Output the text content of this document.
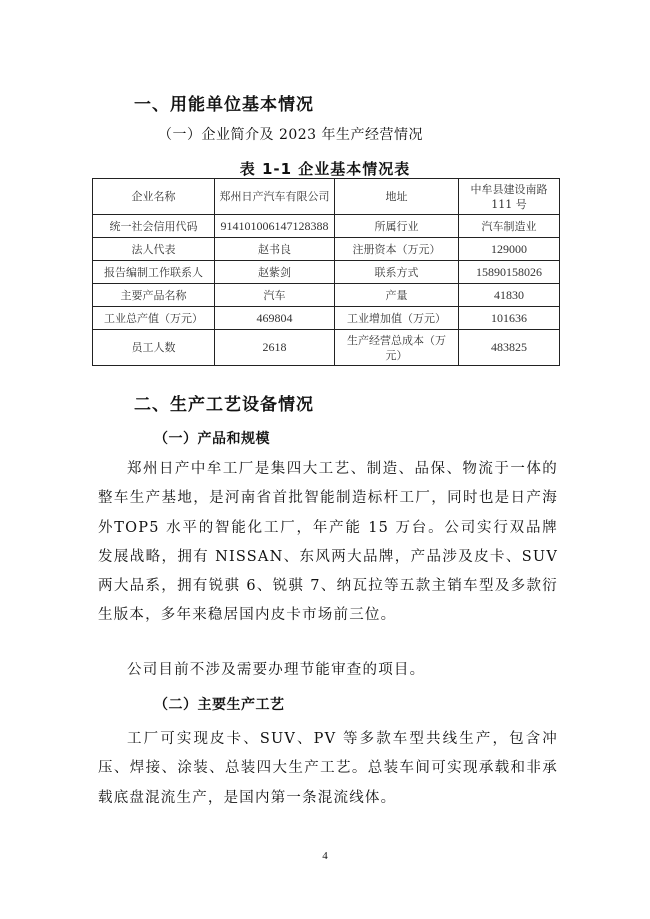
一、用能单位基本情况
（一）企业简介及 2023 年生产经营情况
表 1-1 企业基本情况表
企业名称	郑州日产汽车有限公司	地址	中牟县建设南路111 号
统一社会信用代码	914101006147128388	所属行业	汽车制造业
法人代表	赵书良	注册资本（万元）	129000
报告编制工作联系人	赵紫剑	联系方式	15890158026
主要产品名称	汽车	产量	41830
工业总产值（万元）	469804	工业增加值（万元）	101636
员工人数	2618	生产经营总成本（万元）	483825
二、生产工艺设备情况
（一）产品和规模
郑州日产中牟工厂是集四大工艺、制造、品保、物流于一体的整车生产基地，是河南省首批智能制造标杆工厂，同时也是日产海外TOP5 水平的智能化工厂，年产能 15 万台。公司实行双品牌发展战略，拥有 NISSAN、东风两大品牌，产品涉及皮卡、SUV 两大品系，拥有锐骐 6、锐骐 7、纳瓦拉等五款主销车型及多款衍生版本，多年来稳居国内皮卡市场前三位。
公司目前不涉及需要办理节能审查的项目。
（二）主要生产工艺
工厂可实现皮卡、SUV、PV 等多款车型共线生产，包含冲压、焊接、涂装、总装四大生产工艺。总装车间可实现承载和非承载底盘混流生产，是国内第一条混流线体。
4
